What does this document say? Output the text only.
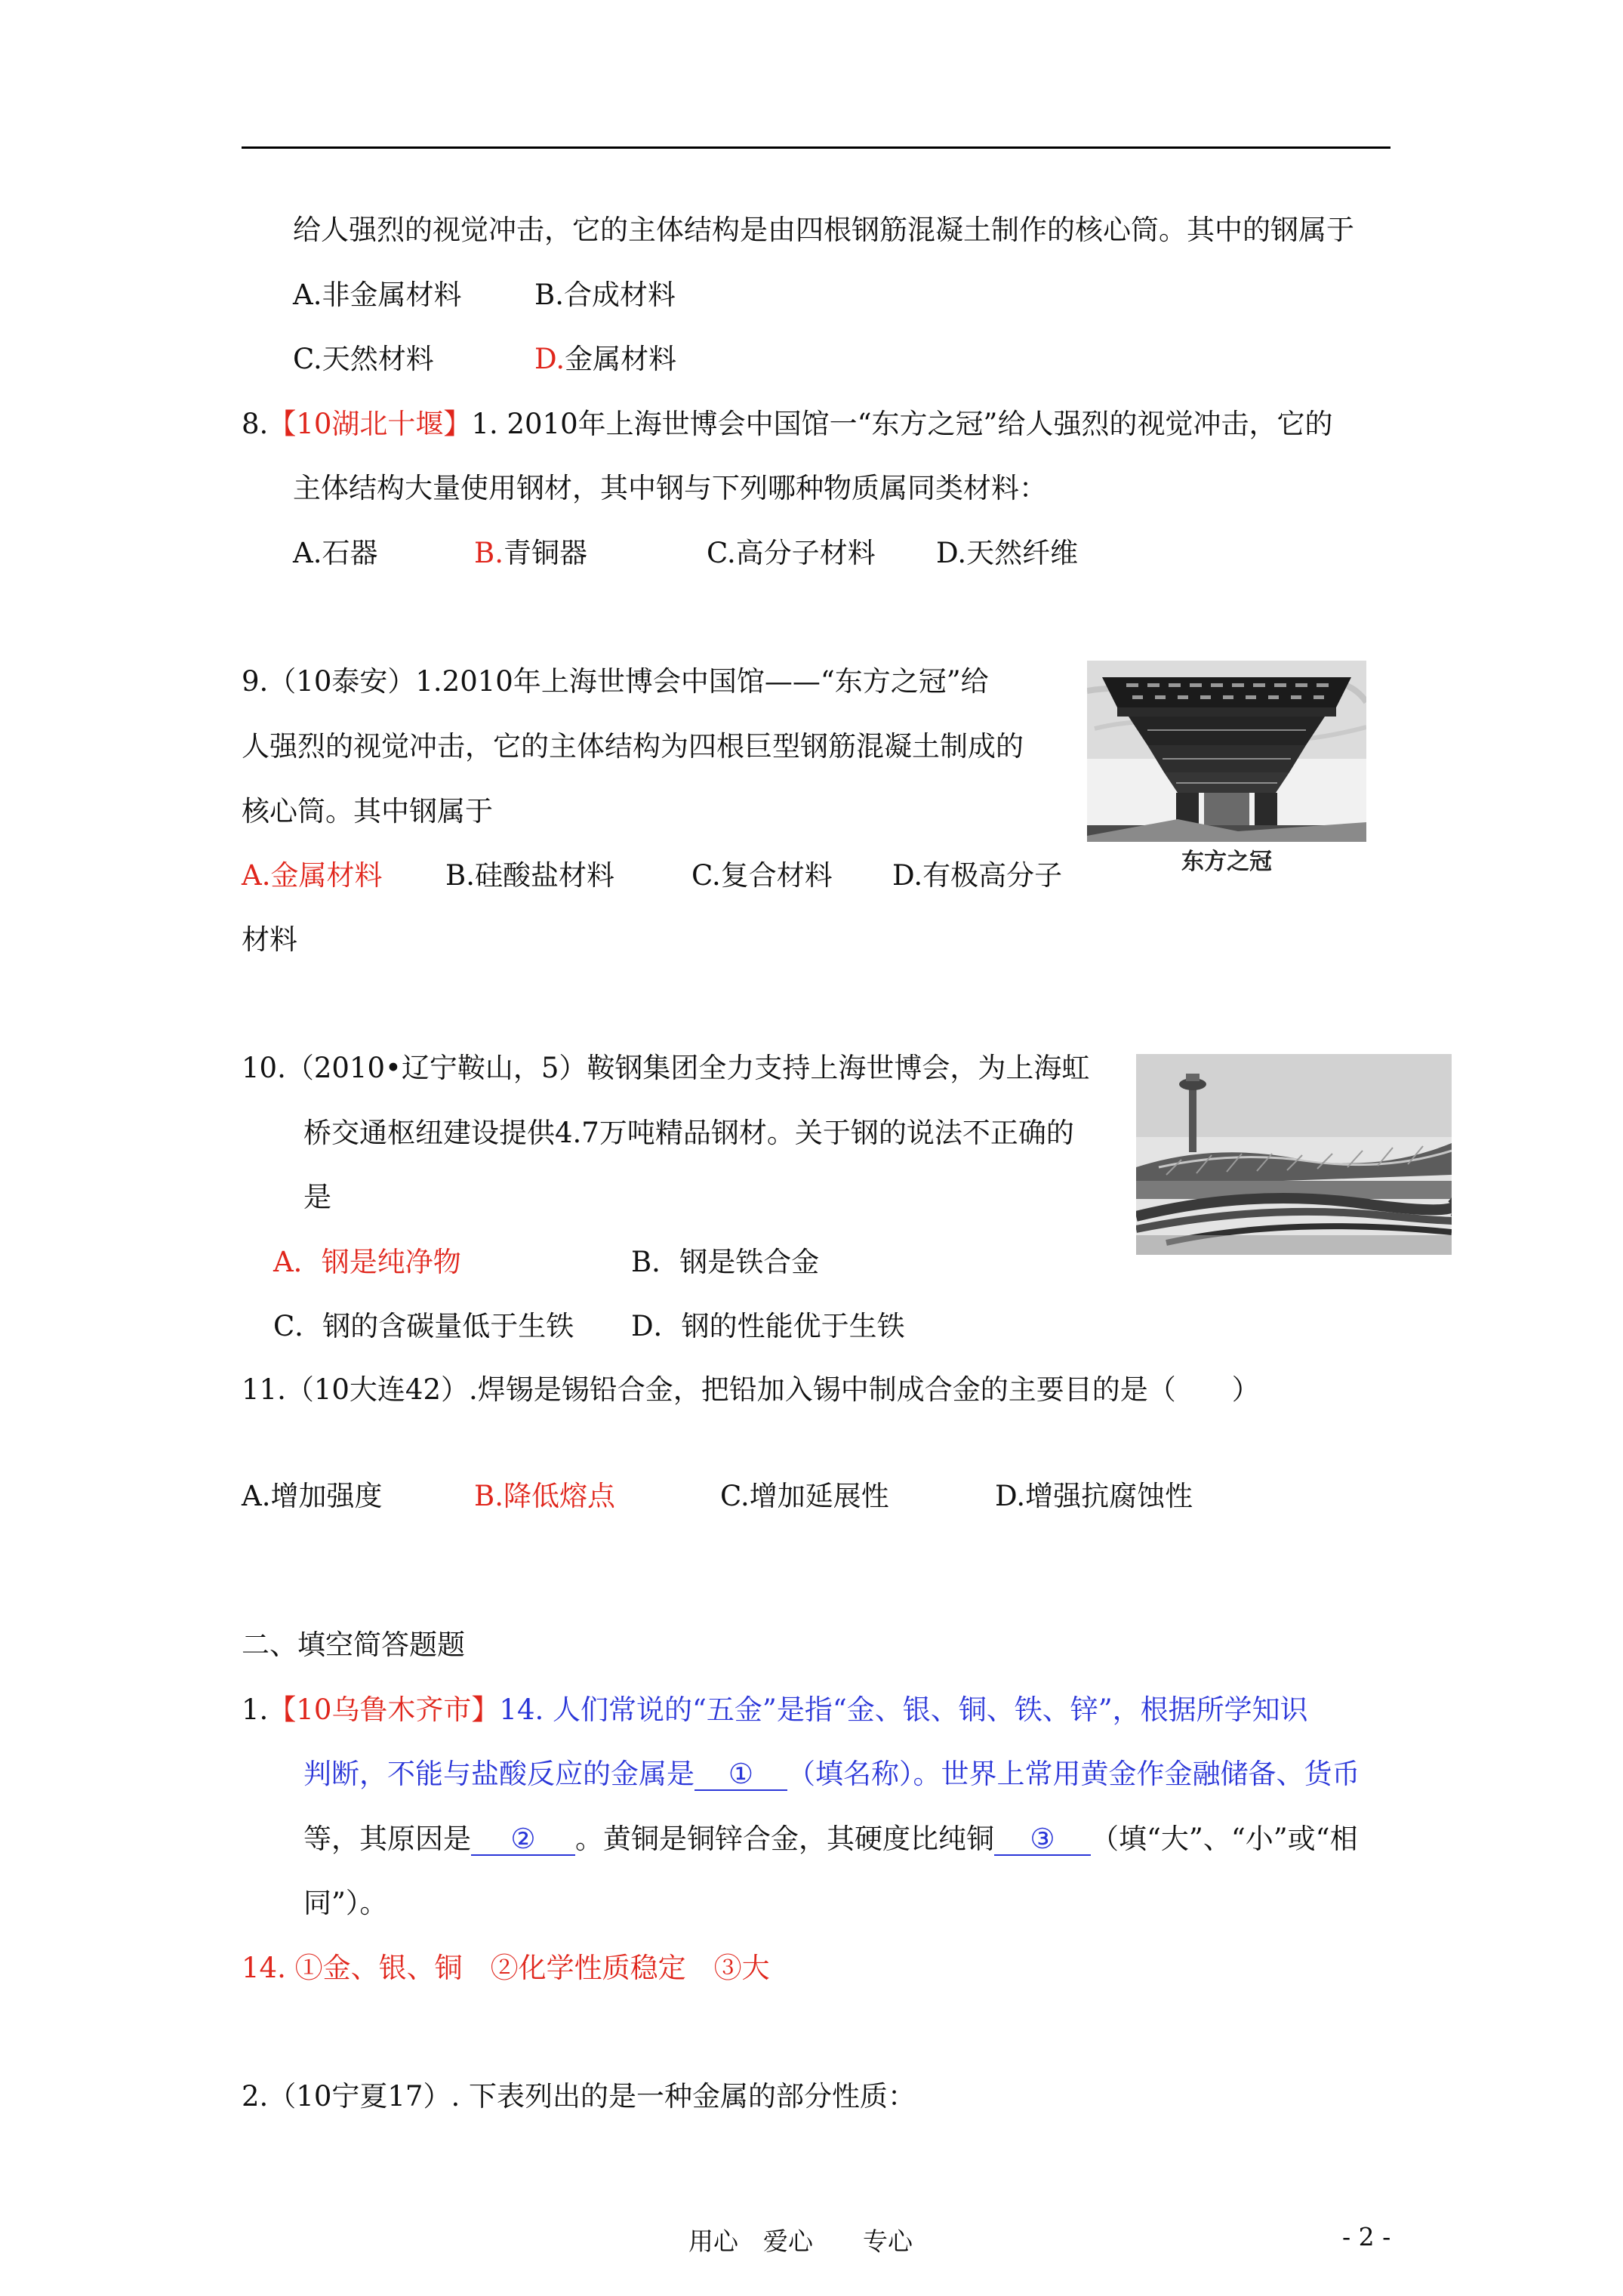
给人强烈的视觉冲击，它的主体结构是由四根钢筋混凝土制作的核心筒。其中的钢属于
A.非金属材料	B.合成材料
C.天然材料	D.金属材料
8.【10湖北十堰】1. 2010年上海世博会中国馆一“东方之冠”给人强烈的视觉冲击，它的
主体结构大量使用钢材，其中钢与下列哪种物质属同类材料：
A.石器	B.青铜器	C.高分子材料 D.天然纤维
9.（10泰安）1.2010年上海世博会中国馆——“东方之冠”给
人强烈的视觉冲击，它的主体结构为四根巨型钢筋混凝土制成的
核心筒。其中钢属于
A.金属材料 B.硅酸盐材料	C.复合材料 D.有极高分子
材料
东方之冠
10.（2010•辽宁鞍山，5）鞍钢集团全力支持上海世博会，为上海虹
桥交通枢纽建设提供4.7万吨精品钢材。关于钢的说法不正确的
是
A．钢是纯净物	B．钢是铁合金
C．钢的含碳量低于生铁 D．钢的性能优于生铁
11.（10大连42）.焊锡是锡铅合金，把铅加入锡中制成合金的主要目的是（　　）
A.增加强度	B.降低熔点	C.增加延展性	D.增强抗腐蚀性
二、填空简答题题
1.【10乌鲁木齐市】14. 人们常说的“五金”是指“金、银、铜、铁、锌”，根据所学知识
判断，不能与盐酸反应的金属是 ① （填名称）。世界上常用黄金作金融储备、货币
等，其原因是 ② 。黄铜是铜锌合金，其硬度比纯铜 ③ （填“大”、“小”或“相
同”）。
14. ①金、银、铜　②化学性质稳定　③大
2.（10宁夏17）. 下表列出的是一种金属的部分性质：
用心　爱心　　专心	- 2 -
